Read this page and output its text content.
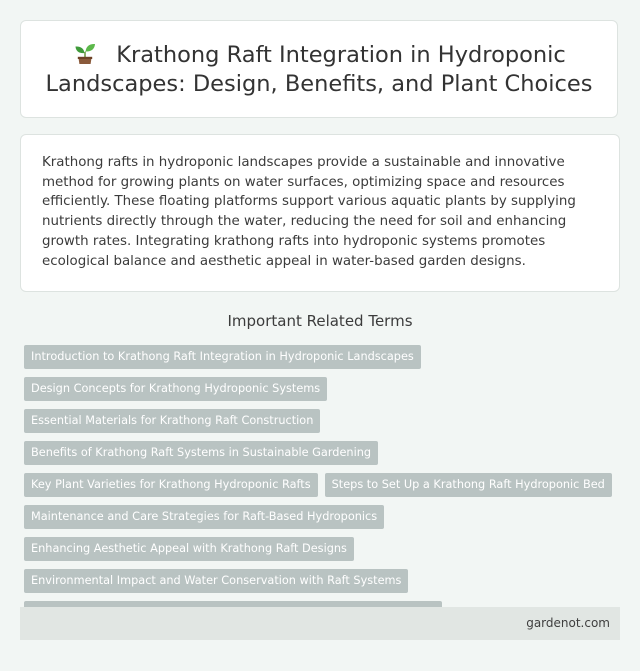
Krathong Raft Integration in Hydroponic Landscapes: Design, Benefits, and Plant Choices

Krathong rafts in hydroponic landscapes provide a sustainable and innovative method for growing plants on water surfaces, optimizing space and resources efficiently. These floating platforms support various aquatic plants by supplying nutrients directly through the water, reducing the need for soil and enhancing growth rates. Integrating krathong rafts into hydroponic systems promotes ecological balance and aesthetic appeal in water-based garden designs.

Important Related Terms
Introduction to Krathong Raft Integration in Hydroponic Landscapes
Design Concepts for Krathong Hydroponic Systems
Essential Materials for Krathong Raft Construction
Benefits of Krathong Raft Systems in Sustainable Gardening
Key Plant Varieties for Krathong Hydroponic Rafts	Steps to Set Up a Krathong Raft Hydroponic Bed
Maintenance and Care Strategies for Raft-Based Hydroponics
Enhancing Aesthetic Appeal with Krathong Raft Designs
Environmental Impact and Water Conservation with Raft Systems
gardenot.com
